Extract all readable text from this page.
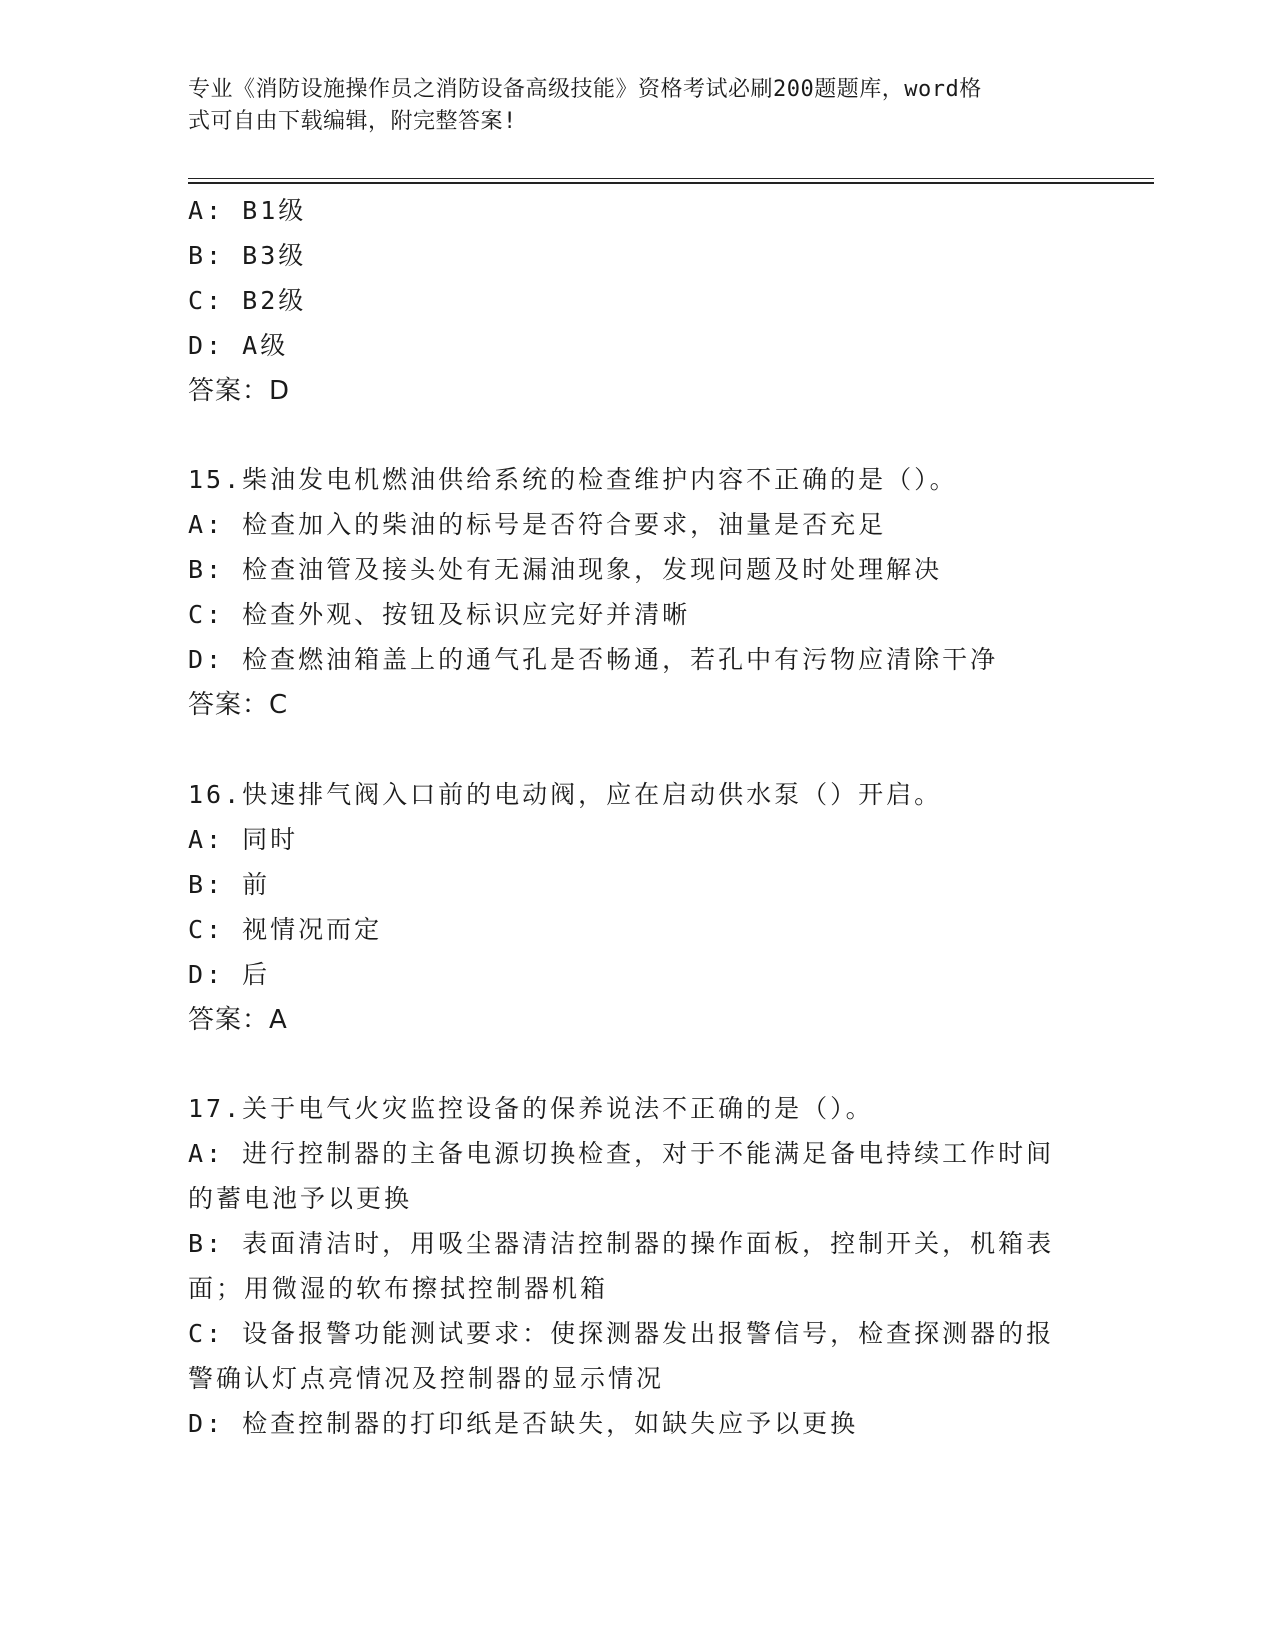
专业《消防设施操作员之消防设备高级技能》资格考试必刷200题题库，word格
式可自由下载编辑，附完整答案!
A: B1级
B: B3级
C: B2级
D: A级
答案：D
15.柴油发电机燃油供给系统的检查维护内容不正确的是（）。
A: 检查加入的柴油的标号是否符合要求，油量是否充足
B: 检查油管及接头处有无漏油现象，发现问题及时处理解决
C: 检查外观、按钮及标识应完好并清晰
D: 检查燃油箱盖上的通气孔是否畅通，若孔中有污物应清除干净
答案：C
16.快速排气阀入口前的电动阀，应在启动供水泵（）开启。
A: 同时
B: 前
C: 视情况而定
D: 后
答案：A
17.关于电气火灾监控设备的保养说法不正确的是（）。
A: 进行控制器的主备电源切换检查，对于不能满足备电持续工作时间
的蓄电池予以更换
B: 表面清洁时，用吸尘器清洁控制器的操作面板，控制开关，机箱表
面；用微湿的软布擦拭控制器机箱
C: 设备报警功能测试要求：使探测器发出报警信号，检查探测器的报
警确认灯点亮情况及控制器的显示情况
D: 检查控制器的打印纸是否缺失，如缺失应予以更换
